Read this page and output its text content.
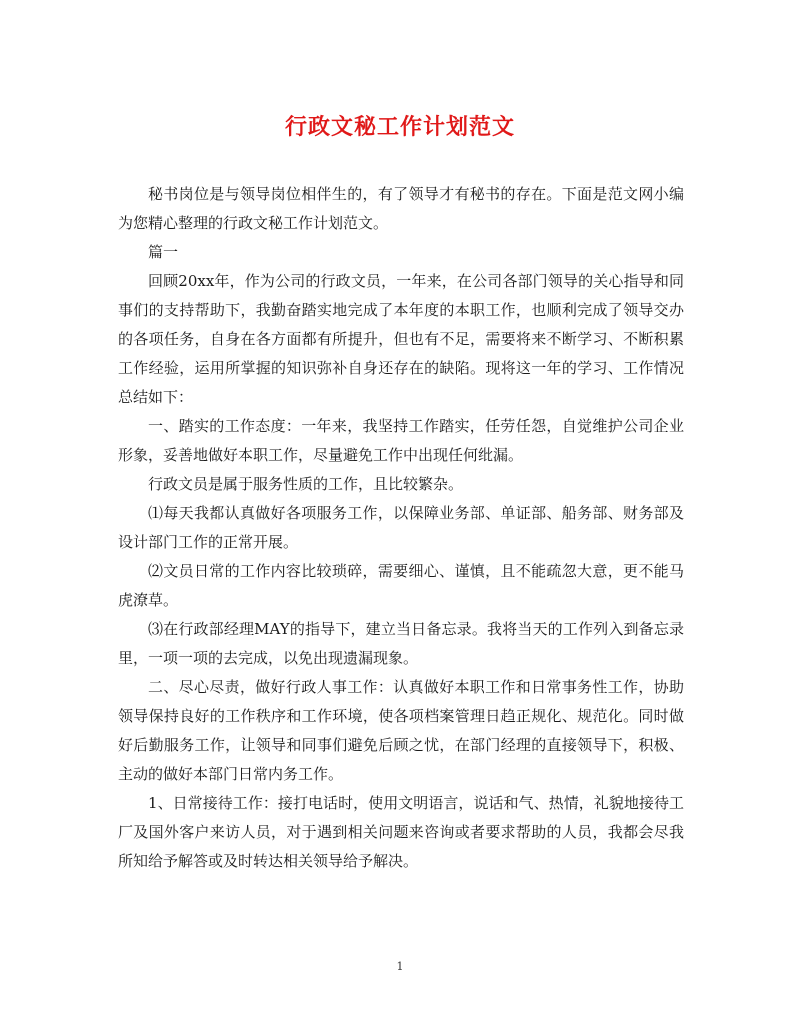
行政文秘工作计划范文

秘书岗位是与领导岗位相伴生的，有了领导才有秘书的存在。下面是范文网小编为您精心整理的行政文秘工作计划范文。

篇一

回顾20xx年，作为公司的行政文员，一年来，在公司各部门领导的关心指导和同事们的支持帮助下，我勤奋踏实地完成了本年度的本职工作，也顺利完成了领导交办的各项任务，自身在各方面都有所提升，但也有不足，需要将来不断学习、不断积累工作经验，运用所掌握的知识弥补自身还存在的缺陷。现将这一年的学习、工作情况总结如下：

一、踏实的工作态度：一年来，我坚持工作踏实，任劳任怨，自觉维护公司企业形象，妥善地做好本职工作，尽量避免工作中出现任何纰漏。

行政文员是属于服务性质的工作，且比较繁杂。

⑴每天我都认真做好各项服务工作，以保障业务部、单证部、船务部、财务部及设计部门工作的正常开展。

⑵文员日常的工作内容比较琐碎，需要细心、谨慎，且不能疏忽大意，更不能马虎潦草。

⑶在行政部经理MAY的指导下，建立当日备忘录。我将当天的工作列入到备忘录里，一项一项的去完成，以免出现遗漏现象。

二、尽心尽责，做好行政人事工作：认真做好本职工作和日常事务性工作，协助领导保持良好的工作秩序和工作环境，使各项档案管理日趋正规化、规范化。同时做好后勤服务工作，让领导和同事们避免后顾之忧，在部门经理的直接领导下，积极、主动的做好本部门日常内务工作。

1、日常接待工作：接打电话时，使用文明语言，说话和气、热情，礼貌地接待工厂及国外客户来访人员，对于遇到相关问题来咨询或者要求帮助的人员，我都会尽我所知给予解答或及时转达相关领导给予解决。

1
